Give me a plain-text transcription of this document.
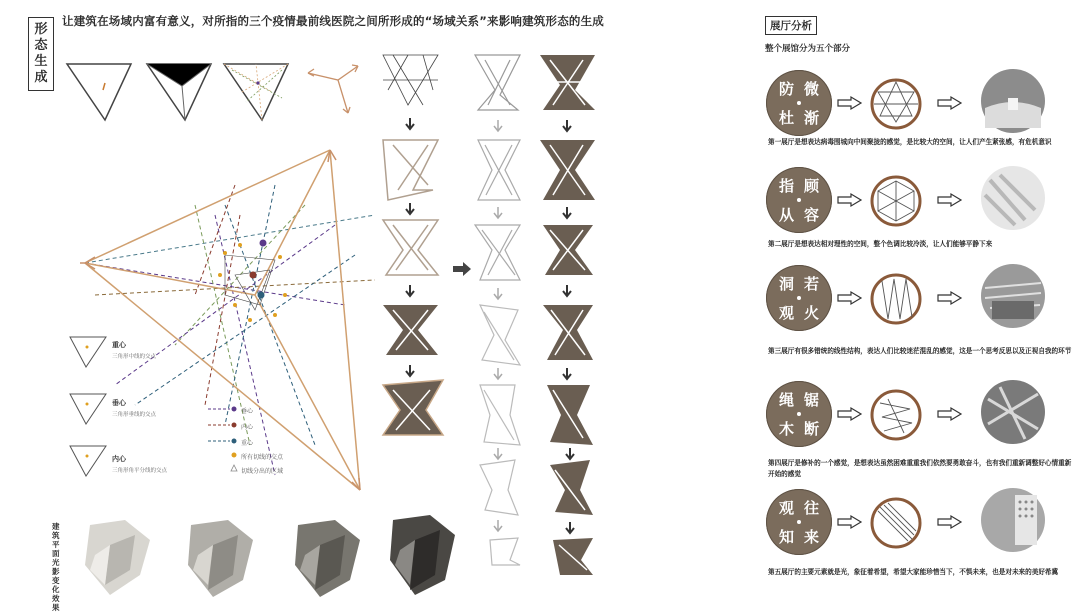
形态生成
让建筑在场域内富有意义，对所指的三个疫情最前线医院之间所形成的“场域关系”来影响建筑形态的生成
重心
三角形中线的交点
垂心
三角形垂线的交点
内心
三角形角平分线的交点
垂心
内心
重心
所有切线的交点
切线分出的区域
建筑平面光影变化效果
展厅分析
整个展馆分为五个部分
防 微
杜 渐
第一展厅是想表达病毒围城向中间聚拢的感觉，是比较大的空间，让人们产生紧张感，有危机意识
指 顾
从 容
第二展厅是想表达相对理性的空间，整个色调比较冷淡，让人们能够平静下来
洞 若
观 火
第三展厅有很多错统的线性结构，表达人们比较迷茫混乱的感觉，这是一个思考反思以及正视自我的环节
绳 锯
木 断
第四展厅是修补的一个感觉，是想表达虽然困难重重我们依然要勇敢奋斗，也有我们重新调整好心情重新开始的感觉
观 往
知 来
第五展厅的主要元素就是光，象征着希望，希望大家能珍惜当下，不惧未来，也是对未来的美好希冀
